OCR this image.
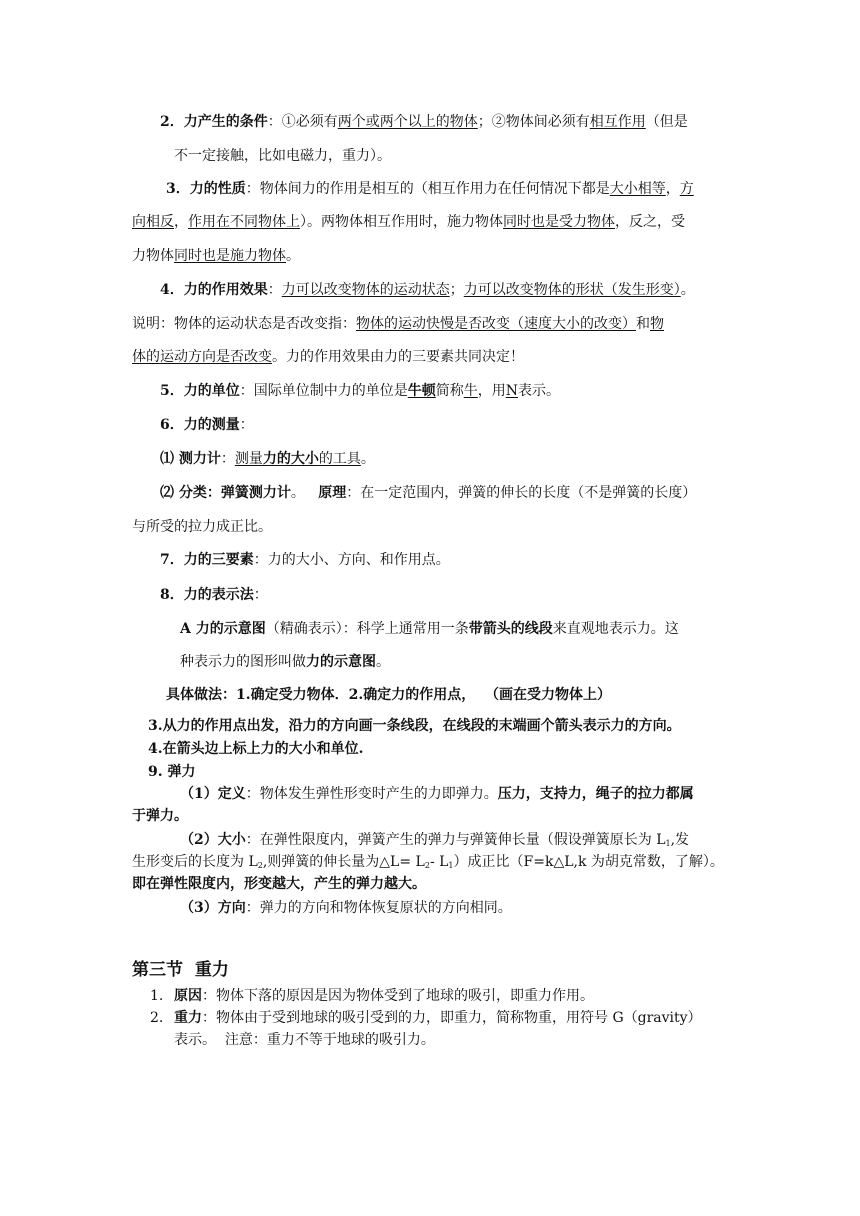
2．力产生的条件：①必须有两个或两个以上的物体；②物体间必须有相互作用（但是
不一定接触，比如电磁力，重力）。
3．力的性质：物体间力的作用是相互的（相互作用力在任何情况下都是大小相等，方
向相反，作用在不同物体上）。两物体相互作用时，施力物体同时也是受力物体，反之，受
力物体同时也是施力物体。
4．力的作用效果：力可以改变物体的运动状态；力可以改变物体的形状（发生形变）。
说明：物体的运动状态是否改变指：物体的运动快慢是否改变（速度大小的改变）和物
体的运动方向是否改变。力的作用效果由力的三要素共同决定！
5．力的单位：国际单位制中力的单位是牛顿简称牛，用N表示。
6．力的测量：
⑴ 测力计：测量力的大小的工具。
⑵ 分类：弹簧测力计。   原理：在一定范围内，弹簧的伸长的长度（不是弹簧的长度）
与所受的拉力成正比。
7．力的三要素：力的大小、方向、和作用点。
8．力的表示法：
A 力的示意图（精确表示）：科学上通常用一条带箭头的线段来直观地表示力。这
种表示力的图形叫做力的示意图。
具体做法：1.确定受力物体．2.确定力的作用点，  （画在受力物体上）
3.从力的作用点出发，沿力的方向画一条线段，在线段的末端画个箭头表示力的方向。
4.在箭头边上标上力的大小和单位.
9. 弹力
（1）定义：物体发生弹性形变时产生的力即弹力。压力，支持力，绳子的拉力都属
于弹力。
（2）大小：在弹性限度内，弹簧产生的弹力与弹簧伸长量（假设弹簧原长为 $L_1$,发
生形变后的长度为 $L_2$,则弹簧的伸长量为△L= $L_2-$ $L_1$）成正比（F=k△L,k 为胡克常数，了解）。
即在弹性限度内，形变越大，产生的弹力越大。
（3）方向：弹力的方向和物体恢复原状的方向相同。
第三节  重力
1. 原因：物体下落的原因是因为物体受到了地球的吸引，即重力作用。
2. 重力：物体由于受到地球的吸引受到的力，即重力，简称物重，用符号 G（gravity）
表示。  注意：重力不等于地球的吸引力。
